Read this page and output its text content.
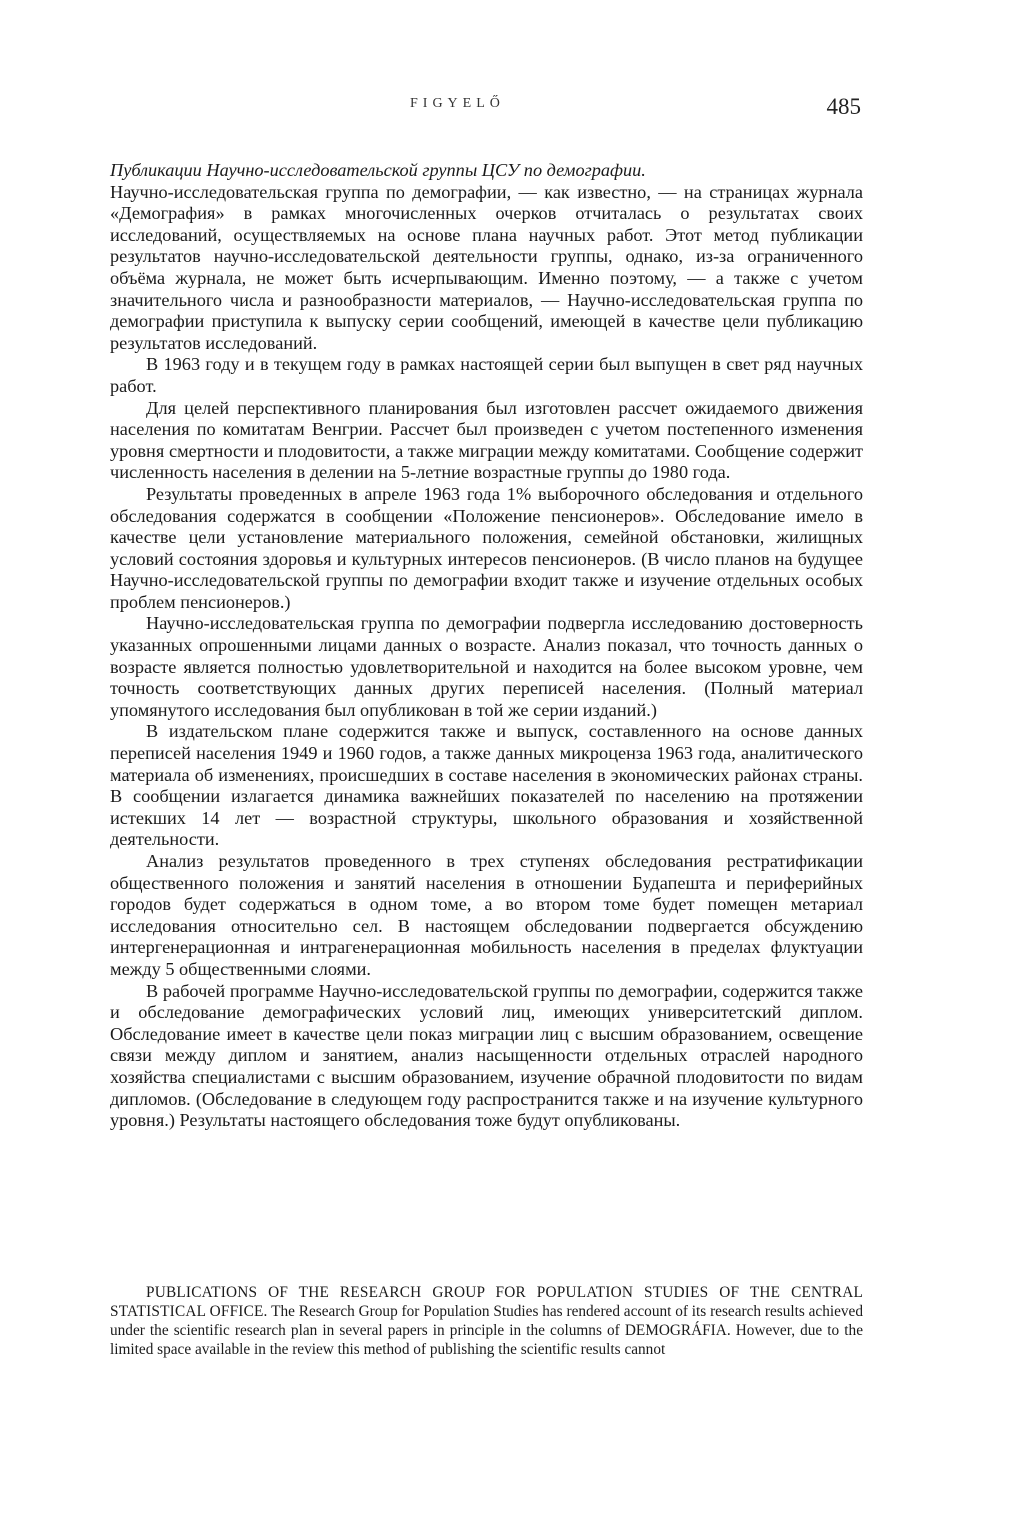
FIGYELŐ	485

Публикации Научно-исследовательской группы ЦСУ по демографии.

Научно-исследовательская группа по демографии, — как известно, — на страницах журнала «Демография» в рамках многочисленных очерков отчиталась о результатах своих исследований, осуществляемых на основе плана научных работ. Этот метод публикации результатов научно-исследовательской деятельности группы, однако, из-за ограниченного объёма журнала, не может быть исчерпывающим. Именно поэтому, — а также с учетом значительного числа и разнообразности материалов, — Научно-исследовательская группа по демографии приступила к выпуску серии сообщений, имеющей в качестве цели публикацию результатов исследований.

В 1963 году и в текущем году в рамках настоящей серии был выпущен в свет ряд научных работ.

Для целей перспективного планирования был изготовлен рассчет ожидаемого движения населения по комитатам Венгрии. Рассчет был произведен с учетом постепенного изменения уровня смертности и плодовитости, а также миграции между комитатами. Сообщение содержит численность населения в делении на 5-летние возрастные группы до 1980 года.

Результаты проведенных в апреле 1963 года 1% выборочного обследования и отдельного обследования содержатся в сообщении «Положение пенсионеров». Обследование имело в качестве цели установление материального положения, семейной обстановки, жилищных условий состояния здоровья и культурных интересов пенсионеров. (В число планов на будущее Научно-исследовательской группы по демографии входит также и изучение отдельных особых проблем пенсионеров.)

Научно-исследовательская группа по демографии подвергла исследованию достоверность указанных опрошенными лицами данных о возрасте. Анализ показал, что точность данных о возрасте является полностью удовлетворительной и находится на более высоком уровне, чем точность соответствующих данных других переписей населения. (Полный материал упомянутого исследования был опубликован в той же серии изданий.)

В издательском плане содержится также и выпуск, составленного на основе данных переписей населения 1949 и 1960 годов, а также данных микроценза 1963 года, аналитического материала об изменениях, происшедших в составе населения в экономических районах страны. В сообщении излагается динамика важнейших показателей по населению на протяжении истекших 14 лет — возрастной структуры, школьного образования и хозяйственной деятельности.

Анализ результатов проведенного в трех ступенях обследования рестратификации общественного положения и занятий населения в отношении Будапешта и периферийных городов будет содержаться в одном томе, а во втором томе будет помещен метариал исследования относительно сел. В настоящем обследовании подвергается обсуждению интергенерационная и интрагенерационная мобильность населения в пределах флуктуации между 5 общественными слоями.

В рабочей программе Научно-исследовательской группы по демографии, содержится также и обследование демографических условий лиц, имеющих университетский диплом. Обследование имеет в качестве цели показ миграции лиц с высшим образованием, освещение связи между диплом и занятием, анализ насыщенности отдельных отраслей народного хозяйства специалистами с высшим образованием, изучение обрачной плодовитости по видам дипломов. (Обследование в следующем году распространится также и на изучение культурного уровня.) Результаты настоящего обследования тоже будут опубликованы.

PUBLICATIONS OF THE RESEARCH GROUP FOR POPULATION STUDIES OF THE CENTRAL STATISTICAL OFFICE. The Research Group for Population Studies has rendered account of its research results achieved under the scientific research plan in several papers in principle in the columns of DEMOGRÁFIA. However, due to the limited space available in the review this method of publishing the scientific results cannot
